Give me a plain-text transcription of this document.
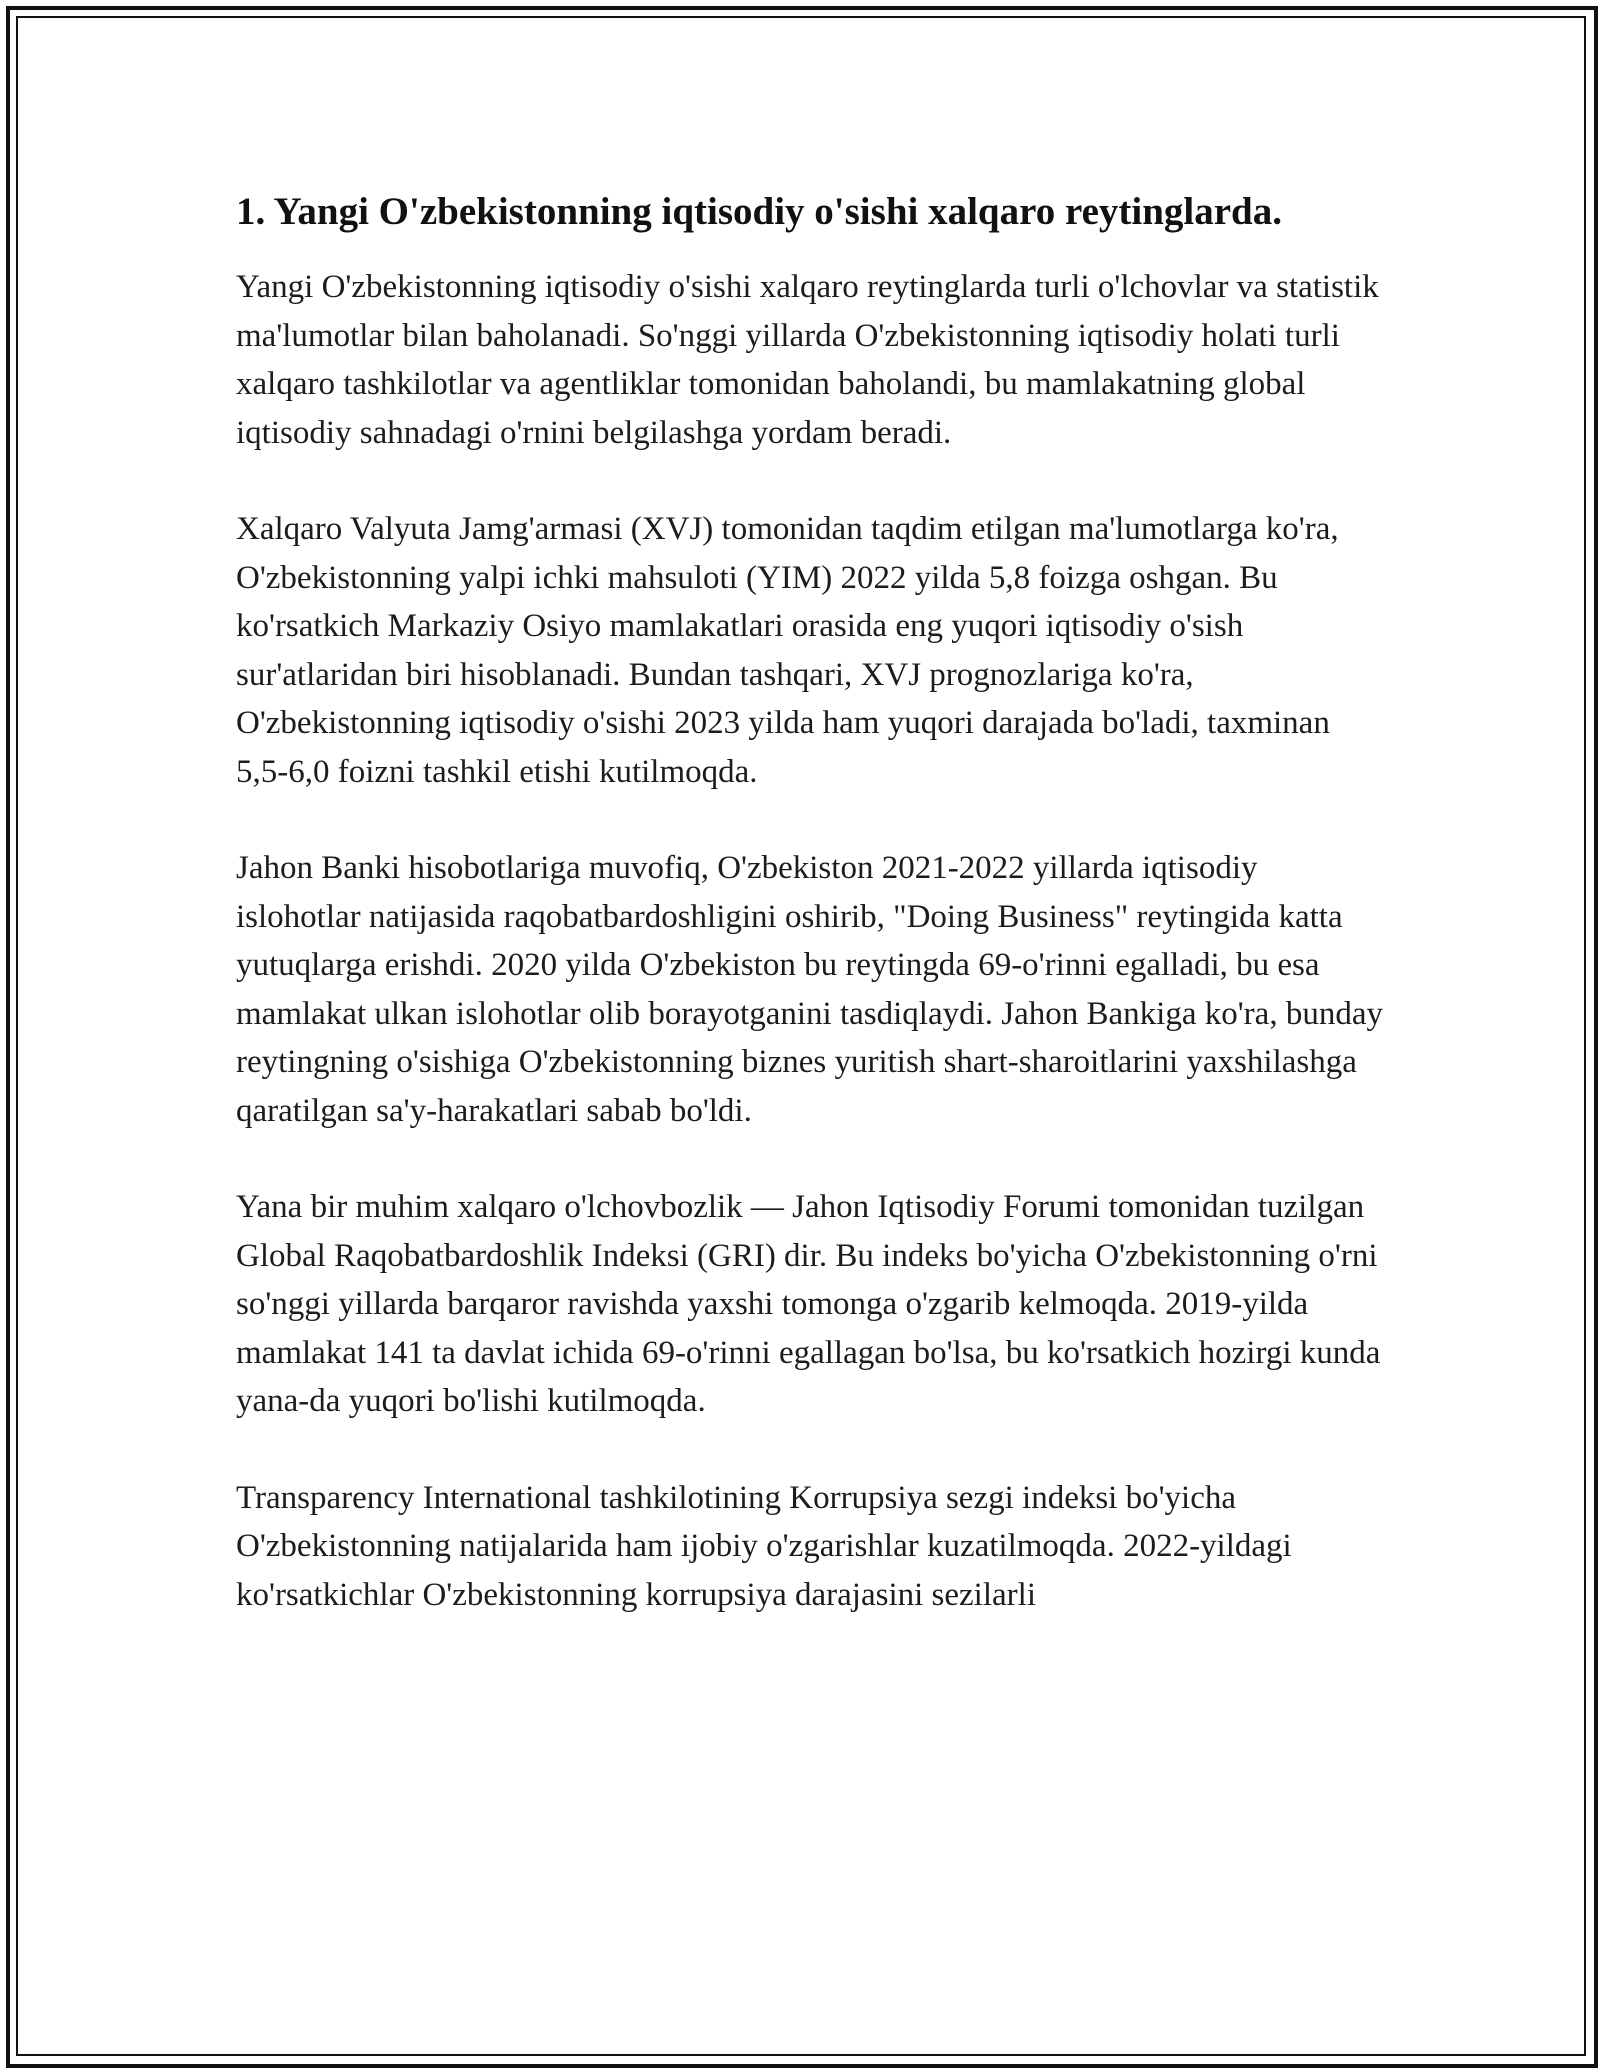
1. Yangi O'zbekistonning iqtisodiy o'sishi xalqaro reytinglarda.

Yangi O'zbekistonning iqtisodiy o'sishi xalqaro reytinglarda turli o'lchovlar va statistik ma'lumotlar bilan baholanadi. So'nggi yillarda O'zbekistonning iqtisodiy holati turli xalqaro tashkilotlar va agentliklar tomonidan baholandi, bu mamlakatning global iqtisodiy sahnadagi o'rnini belgilashga yordam beradi.

Xalqaro Valyuta Jamg'armasi (XVJ) tomonidan taqdim etilgan ma'lumotlarga ko'ra, O'zbekistonning yalpi ichki mahsuloti (YIM) 2022 yilda 5,8 foizga oshgan. Bu ko'rsatkich Markaziy Osiyo mamlakatlari orasida eng yuqori iqtisodiy o'sish sur'atlaridan biri hisoblanadi. Bundan tashqari, XVJ prognozlariga ko'ra, O'zbekistonning iqtisodiy o'sishi 2023 yilda ham yuqori darajada bo'ladi, taxminan 5,5-6,0 foizni tashkil etishi kutilmoqda.

Jahon Banki hisobotlariga muvofiq, O'zbekiston 2021-2022 yillarda iqtisodiy islohotlar natijasida raqobatbardoshligini oshirib, "Doing Business" reytingida katta yutuqlarga erishdi. 2020 yilda O'zbekiston bu reytingda 69-o'rinni egalladi, bu esa mamlakat ulkan islohotlar olib borayotganini tasdiqlaydi. Jahon Bankiga ko'ra, bunday reytingning o'sishiga O'zbekistonning biznes yuritish shart-sharoitlarini yaxshilashga qaratilgan sa'y-harakatlari sabab bo'ldi.

Yana bir muhim xalqaro o'lchovbozlik — Jahon Iqtisodiy Forumi tomonidan tuzilgan Global Raqobatbardoshlik Indeksi (GRI) dir. Bu indeks bo'yicha O'zbekistonning o'rni so'nggi yillarda barqaror ravishda yaxshi tomonga o'zgarib kelmoqda. 2019-yilda mamlakat 141 ta davlat ichida 69-o'rinni egallagan bo'lsa, bu ko'rsatkich hozirgi kunda yana-da yuqori bo'lishi kutilmoqda.

Transparency International tashkilotining Korrupsiya sezgi indeksi bo'yicha O'zbekistonning natijalarida ham ijobiy o'zgarishlar kuzatilmoqda. 2022-yildagi ko'rsatkichlar O'zbekistonning korrupsiya darajasini sezilarli
